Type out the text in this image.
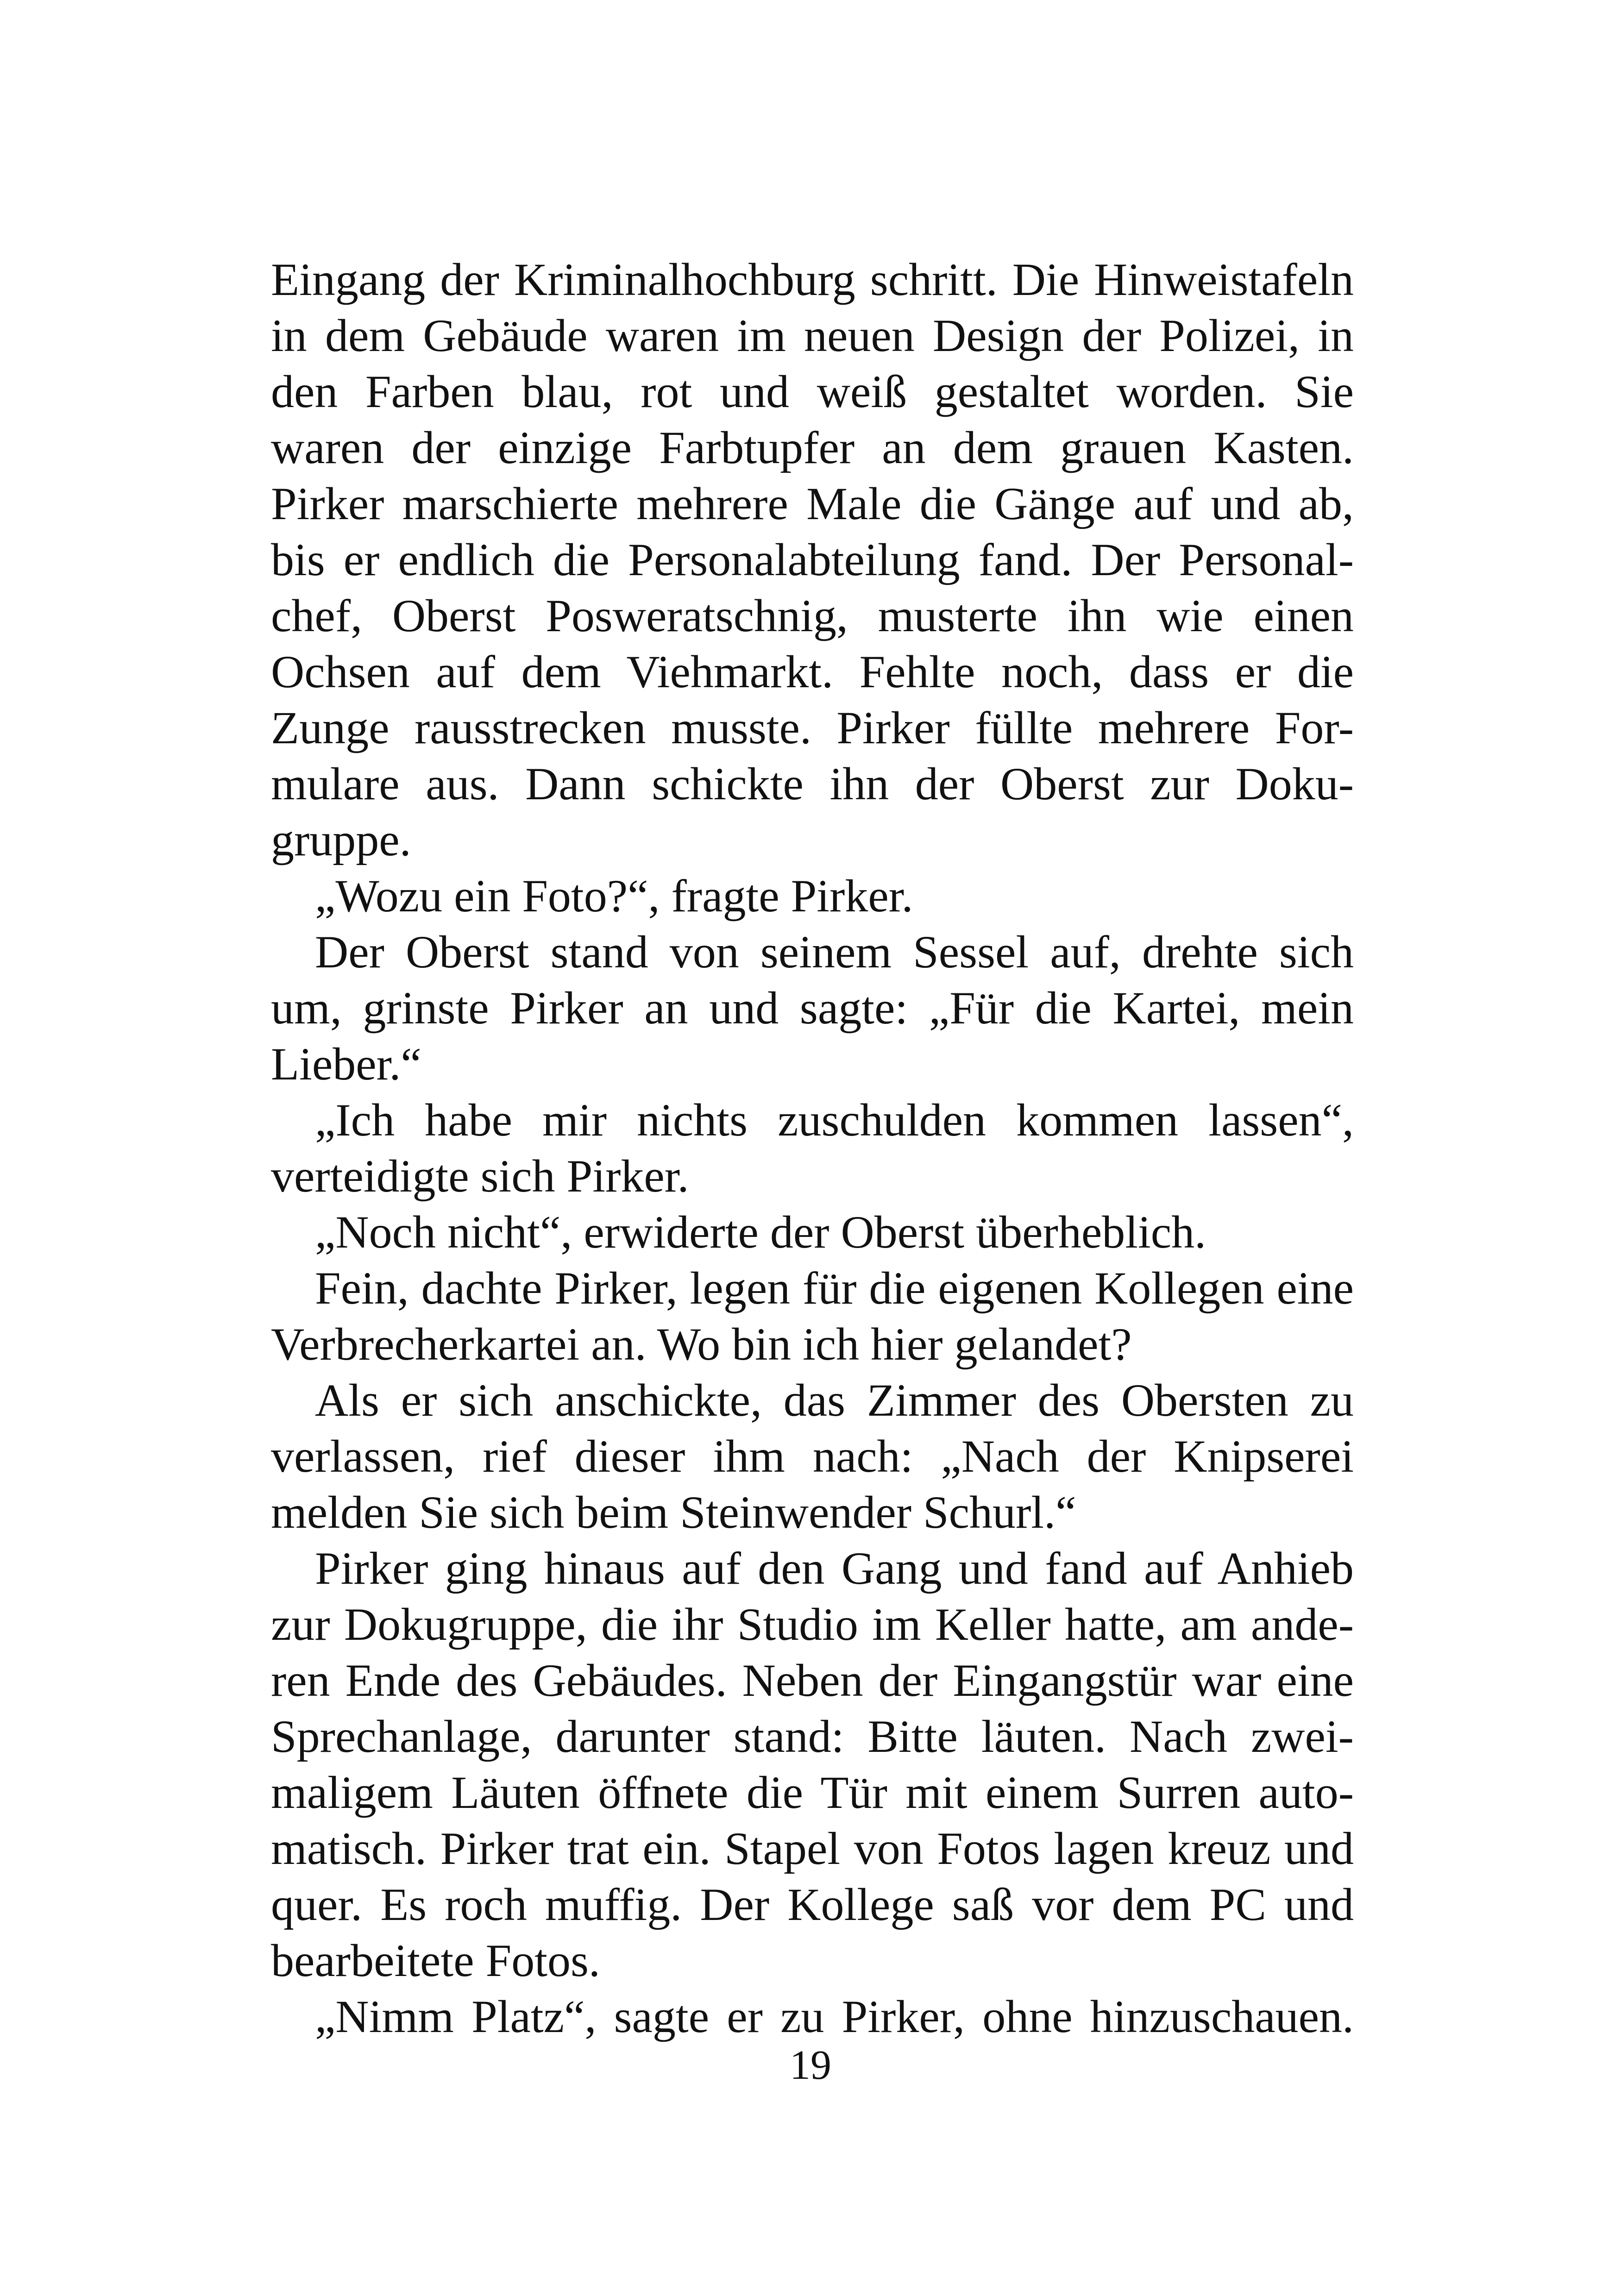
Eingang der Kriminalhochburg schritt. Die Hinweistafeln
in dem Gebäude waren im neuen Design der Polizei, in
den Farben blau, rot und weiß gestaltet worden. Sie
waren der einzige Farbtupfer an dem grauen Kasten.
Pirker marschierte mehrere Male die Gänge auf und ab,
bis er endlich die Personalabteilung fand. Der Personal-
chef, Oberst Posweratschnig, musterte ihn wie einen
Ochsen auf dem Viehmarkt. Fehlte noch, dass er die
Zunge rausstrecken musste. Pirker füllte mehrere For-
mulare aus. Dann schickte ihn der Oberst zur Doku-
gruppe.
„Wozu ein Foto?“, fragte Pirker.
Der Oberst stand von seinem Sessel auf, drehte sich
um, grinste Pirker an und sagte: „Für die Kartei, mein
Lieber.“
„Ich habe mir nichts zuschulden kommen lassen“,
verteidigte sich Pirker.
„Noch nicht“, erwiderte der Oberst überheblich.
Fein, dachte Pirker, legen für die eigenen Kollegen eine
Verbrecherkartei an. Wo bin ich hier gelandet?
Als er sich anschickte, das Zimmer des Obersten zu
verlassen, rief dieser ihm nach: „Nach der Knipserei
melden Sie sich beim Steinwender Schurl.“
Pirker ging hinaus auf den Gang und fand auf Anhieb
zur Dokugruppe, die ihr Studio im Keller hatte, am ande-
ren Ende des Gebäudes. Neben der Eingangstür war eine
Sprechanlage, darunter stand: Bitte läuten. Nach zwei-
maligem Läuten öffnete die Tür mit einem Surren auto-
matisch. Pirker trat ein. Stapel von Fotos lagen kreuz und
quer. Es roch muffig. Der Kollege saß vor dem PC und
bearbeitete Fotos.
„Nimm Platz“, sagte er zu Pirker, ohne hinzuschauen.
19
